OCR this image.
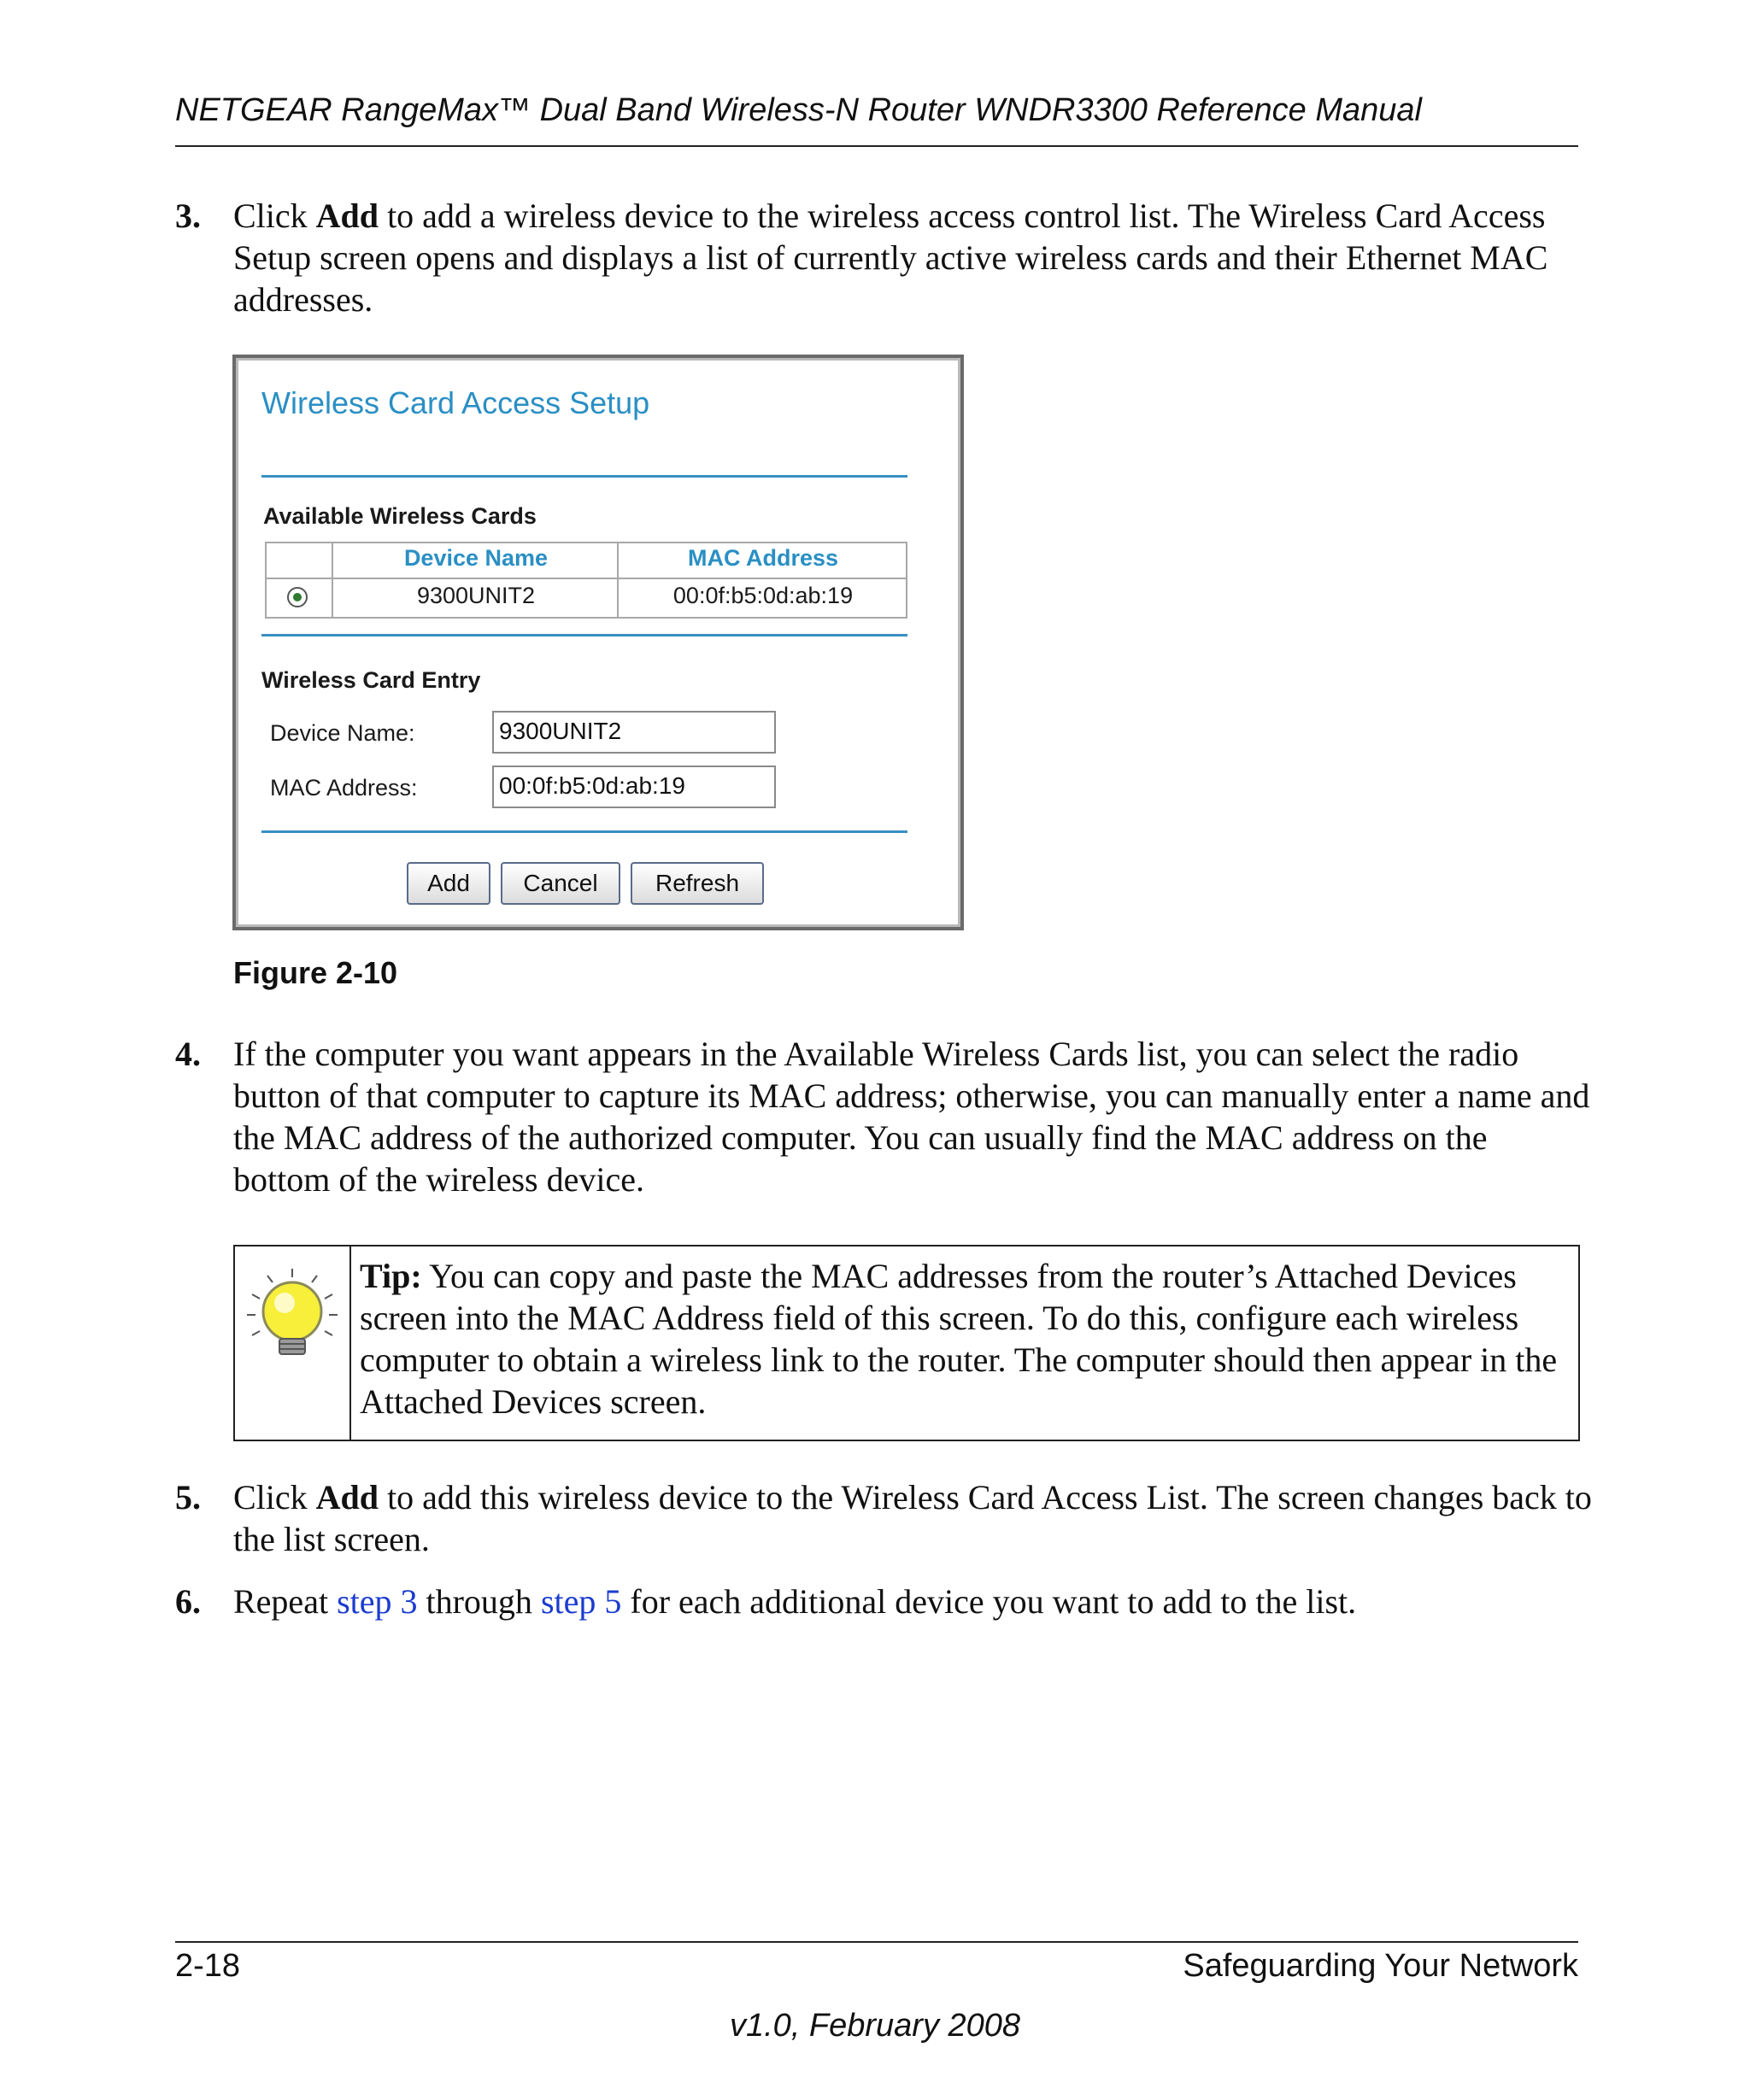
NETGEAR RangeMax™ Dual Band Wireless-N Router WNDR3300 Reference Manual
3. Click Add to add a wireless device to the wireless access control list. The Wireless Card Access Setup screen opens and displays a list of currently active wireless cards and their Ethernet MAC addresses.
Wireless Card Access Setup
Available Wireless Cards
Device Name	MAC Address
9300UNIT2	00:0f:b5:0d:ab:19
Wireless Card Entry
Device Name:	9300UNIT2
MAC Address:	00:0f:b5:0d:ab:19
Add	Cancel	Refresh
Figure 2-10
4. If the computer you want appears in the Available Wireless Cards list, you can select the radio button of that computer to capture its MAC address; otherwise, you can manually enter a name and the MAC address of the authorized computer. You can usually find the MAC address on the bottom of the wireless device.
Tip: You can copy and paste the MAC addresses from the router’s Attached Devices screen into the MAC Address field of this screen. To do this, configure each wireless computer to obtain a wireless link to the router. The computer should then appear in the Attached Devices screen.
5. Click Add to add this wireless device to the Wireless Card Access List. The screen changes back to the list screen.
6. Repeat step 3 through step 5 for each additional device you want to add to the list.
2-18	Safeguarding Your Network
v1.0, February 2008
